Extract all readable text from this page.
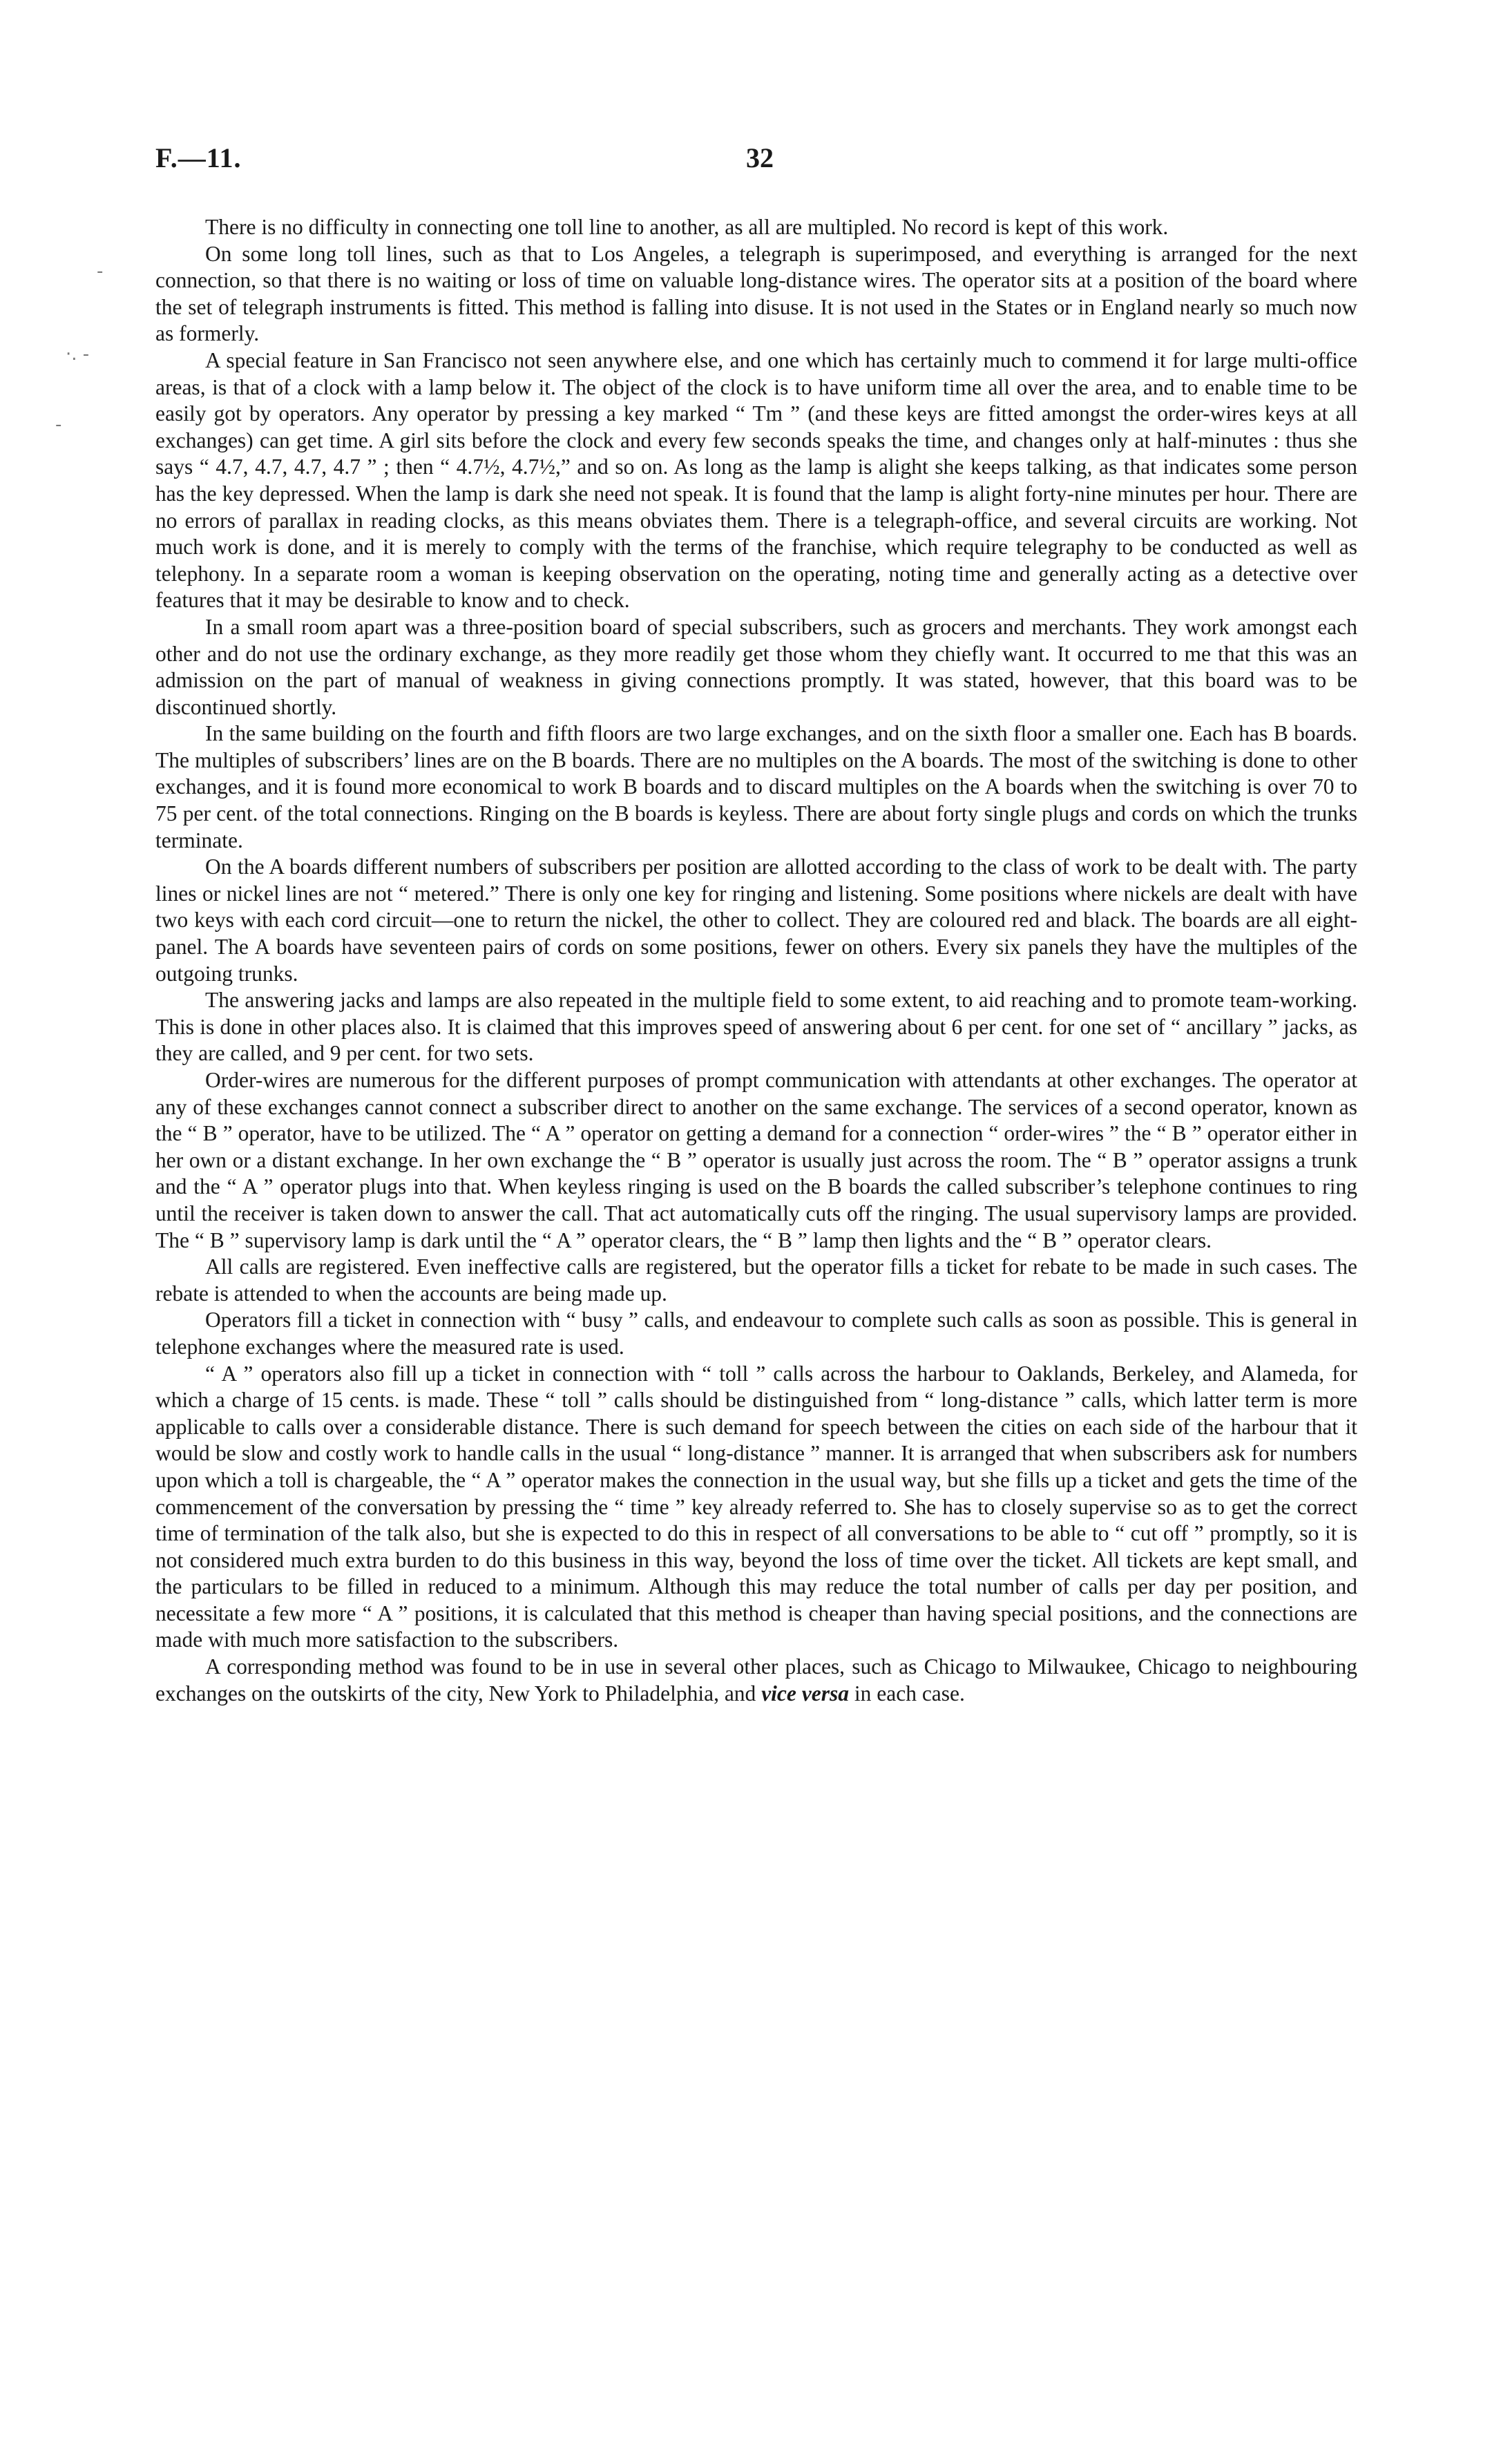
F.—11.	32
-
·. -
-

There is no difficulty in connecting one toll line to another, as all are multipled. No record is kept of this work.

On some long toll lines, such as that to Los Angeles, a telegraph is superimposed, and everything is arranged for the next connection, so that there is no waiting or loss of time on valuable long-distance wires. The operator sits at a position of the board where the set of telegraph instruments is fitted. This method is falling into disuse. It is not used in the States or in England nearly so much now as formerly.

A special feature in San Francisco not seen anywhere else, and one which has certainly much to commend it for large multi-office areas, is that of a clock with a lamp below it. The object of the clock is to have uniform time all over the area, and to enable time to be easily got by operators. Any operator by pressing a key marked “ Tm ” (and these keys are fitted amongst the order-wires keys at all exchanges) can get time. A girl sits before the clock and every few seconds speaks the time, and changes only at half-minutes : thus she says “ 4.7, 4.7, 4.7, 4.7 ” ; then “ 4.7½, 4.7½,” and so on. As long as the lamp is alight she keeps talking, as that indicates some person has the key depressed. When the lamp is dark she need not speak. It is found that the lamp is alight forty-nine minutes per hour. There are no errors of parallax in reading clocks, as this means obviates them. There is a telegraph-office, and several circuits are working. Not much work is done, and it is merely to comply with the terms of the franchise, which require telegraphy to be conducted as well as telephony. In a separate room a woman is keeping observation on the operating, noting time and generally acting as a detective over features that it may be desirable to know and to check.

In a small room apart was a three-position board of special subscribers, such as grocers and merchants. They work amongst each other and do not use the ordinary exchange, as they more readily get those whom they chiefly want. It occurred to me that this was an admission on the part of manual of weakness in giving connections promptly. It was stated, however, that this board was to be discontinued shortly.

In the same building on the fourth and fifth floors are two large exchanges, and on the sixth floor a smaller one. Each has B boards. The multiples of subscribers’ lines are on the B boards. There are no multiples on the A boards. The most of the switching is done to other exchanges, and it is found more economical to work B boards and to discard multiples on the A boards when the switching is over 70 to 75 per cent. of the total connections. Ringing on the B boards is keyless. There are about forty single plugs and cords on which the trunks terminate.

On the A boards different numbers of subscribers per position are allotted according to the class of work to be dealt with. The party lines or nickel lines are not “ metered.” There is only one key for ringing and listening. Some positions where nickels are dealt with have two keys with each cord circuit—one to return the nickel, the other to collect. They are coloured red and black. The boards are all eight-panel. The A boards have seventeen pairs of cords on some positions, fewer on others. Every six panels they have the multiples of the outgoing trunks.

The answering jacks and lamps are also repeated in the multiple field to some extent, to aid reaching and to promote team-working. This is done in other places also. It is claimed that this improves speed of answering about 6 per cent. for one set of “ ancillary ” jacks, as they are called, and 9 per cent. for two sets.

Order-wires are numerous for the different purposes of prompt communication with attendants at other exchanges. The operator at any of these exchanges cannot connect a subscriber direct to another on the same exchange. The services of a second operator, known as the “ B ” operator, have to be utilized. The “ A ” operator on getting a demand for a connection “ order-wires ” the “ B ” operator either in her own or a distant exchange. In her own exchange the “ B ” operator is usually just across the room. The “ B ” operator assigns a trunk and the “ A ” operator plugs into that. When keyless ringing is used on the B boards the called subscriber’s telephone continues to ring until the receiver is taken down to answer the call. That act automatically cuts off the ringing. The usual supervisory lamps are provided. The “ B ” supervisory lamp is dark until the “ A ” operator clears, the “ B ” lamp then lights and the “ B ” operator clears.

All calls are registered. Even ineffective calls are registered, but the operator fills a ticket for rebate to be made in such cases. The rebate is attended to when the accounts are being made up.

Operators fill a ticket in connection with “ busy ” calls, and endeavour to complete such calls as soon as possible. This is general in telephone exchanges where the measured rate is used.

“ A ” operators also fill up a ticket in connection with “ toll ” calls across the harbour to Oaklands, Berkeley, and Alameda, for which a charge of 15 cents. is made. These “ toll ” calls should be distinguished from “ long-distance ” calls, which latter term is more applicable to calls over a considerable distance. There is such demand for speech between the cities on each side of the harbour that it would be slow and costly work to handle calls in the usual “ long-distance ” manner. It is arranged that when subscribers ask for numbers upon which a toll is chargeable, the “ A ” operator makes the connection in the usual way, but she fills up a ticket and gets the time of the commencement of the conversation by pressing the “ time ” key already referred to. She has to closely supervise so as to get the correct time of termination of the talk also, but she is expected to do this in respect of all conversations to be able to “ cut off ” promptly, so it is not considered much extra burden to do this business in this way, beyond the loss of time over the ticket. All tickets are kept small, and the particulars to be filled in reduced to a minimum. Although this may reduce the total number of calls per day per position, and necessitate a few more “ A ” positions, it is calculated that this method is cheaper than having special positions, and the connections are made with much more satisfaction to the subscribers.

A corresponding method was found to be in use in several other places, such as Chicago to Milwaukee, Chicago to neighbouring exchanges on the outskirts of the city, New York to Philadelphia, and vice versa in each case.
